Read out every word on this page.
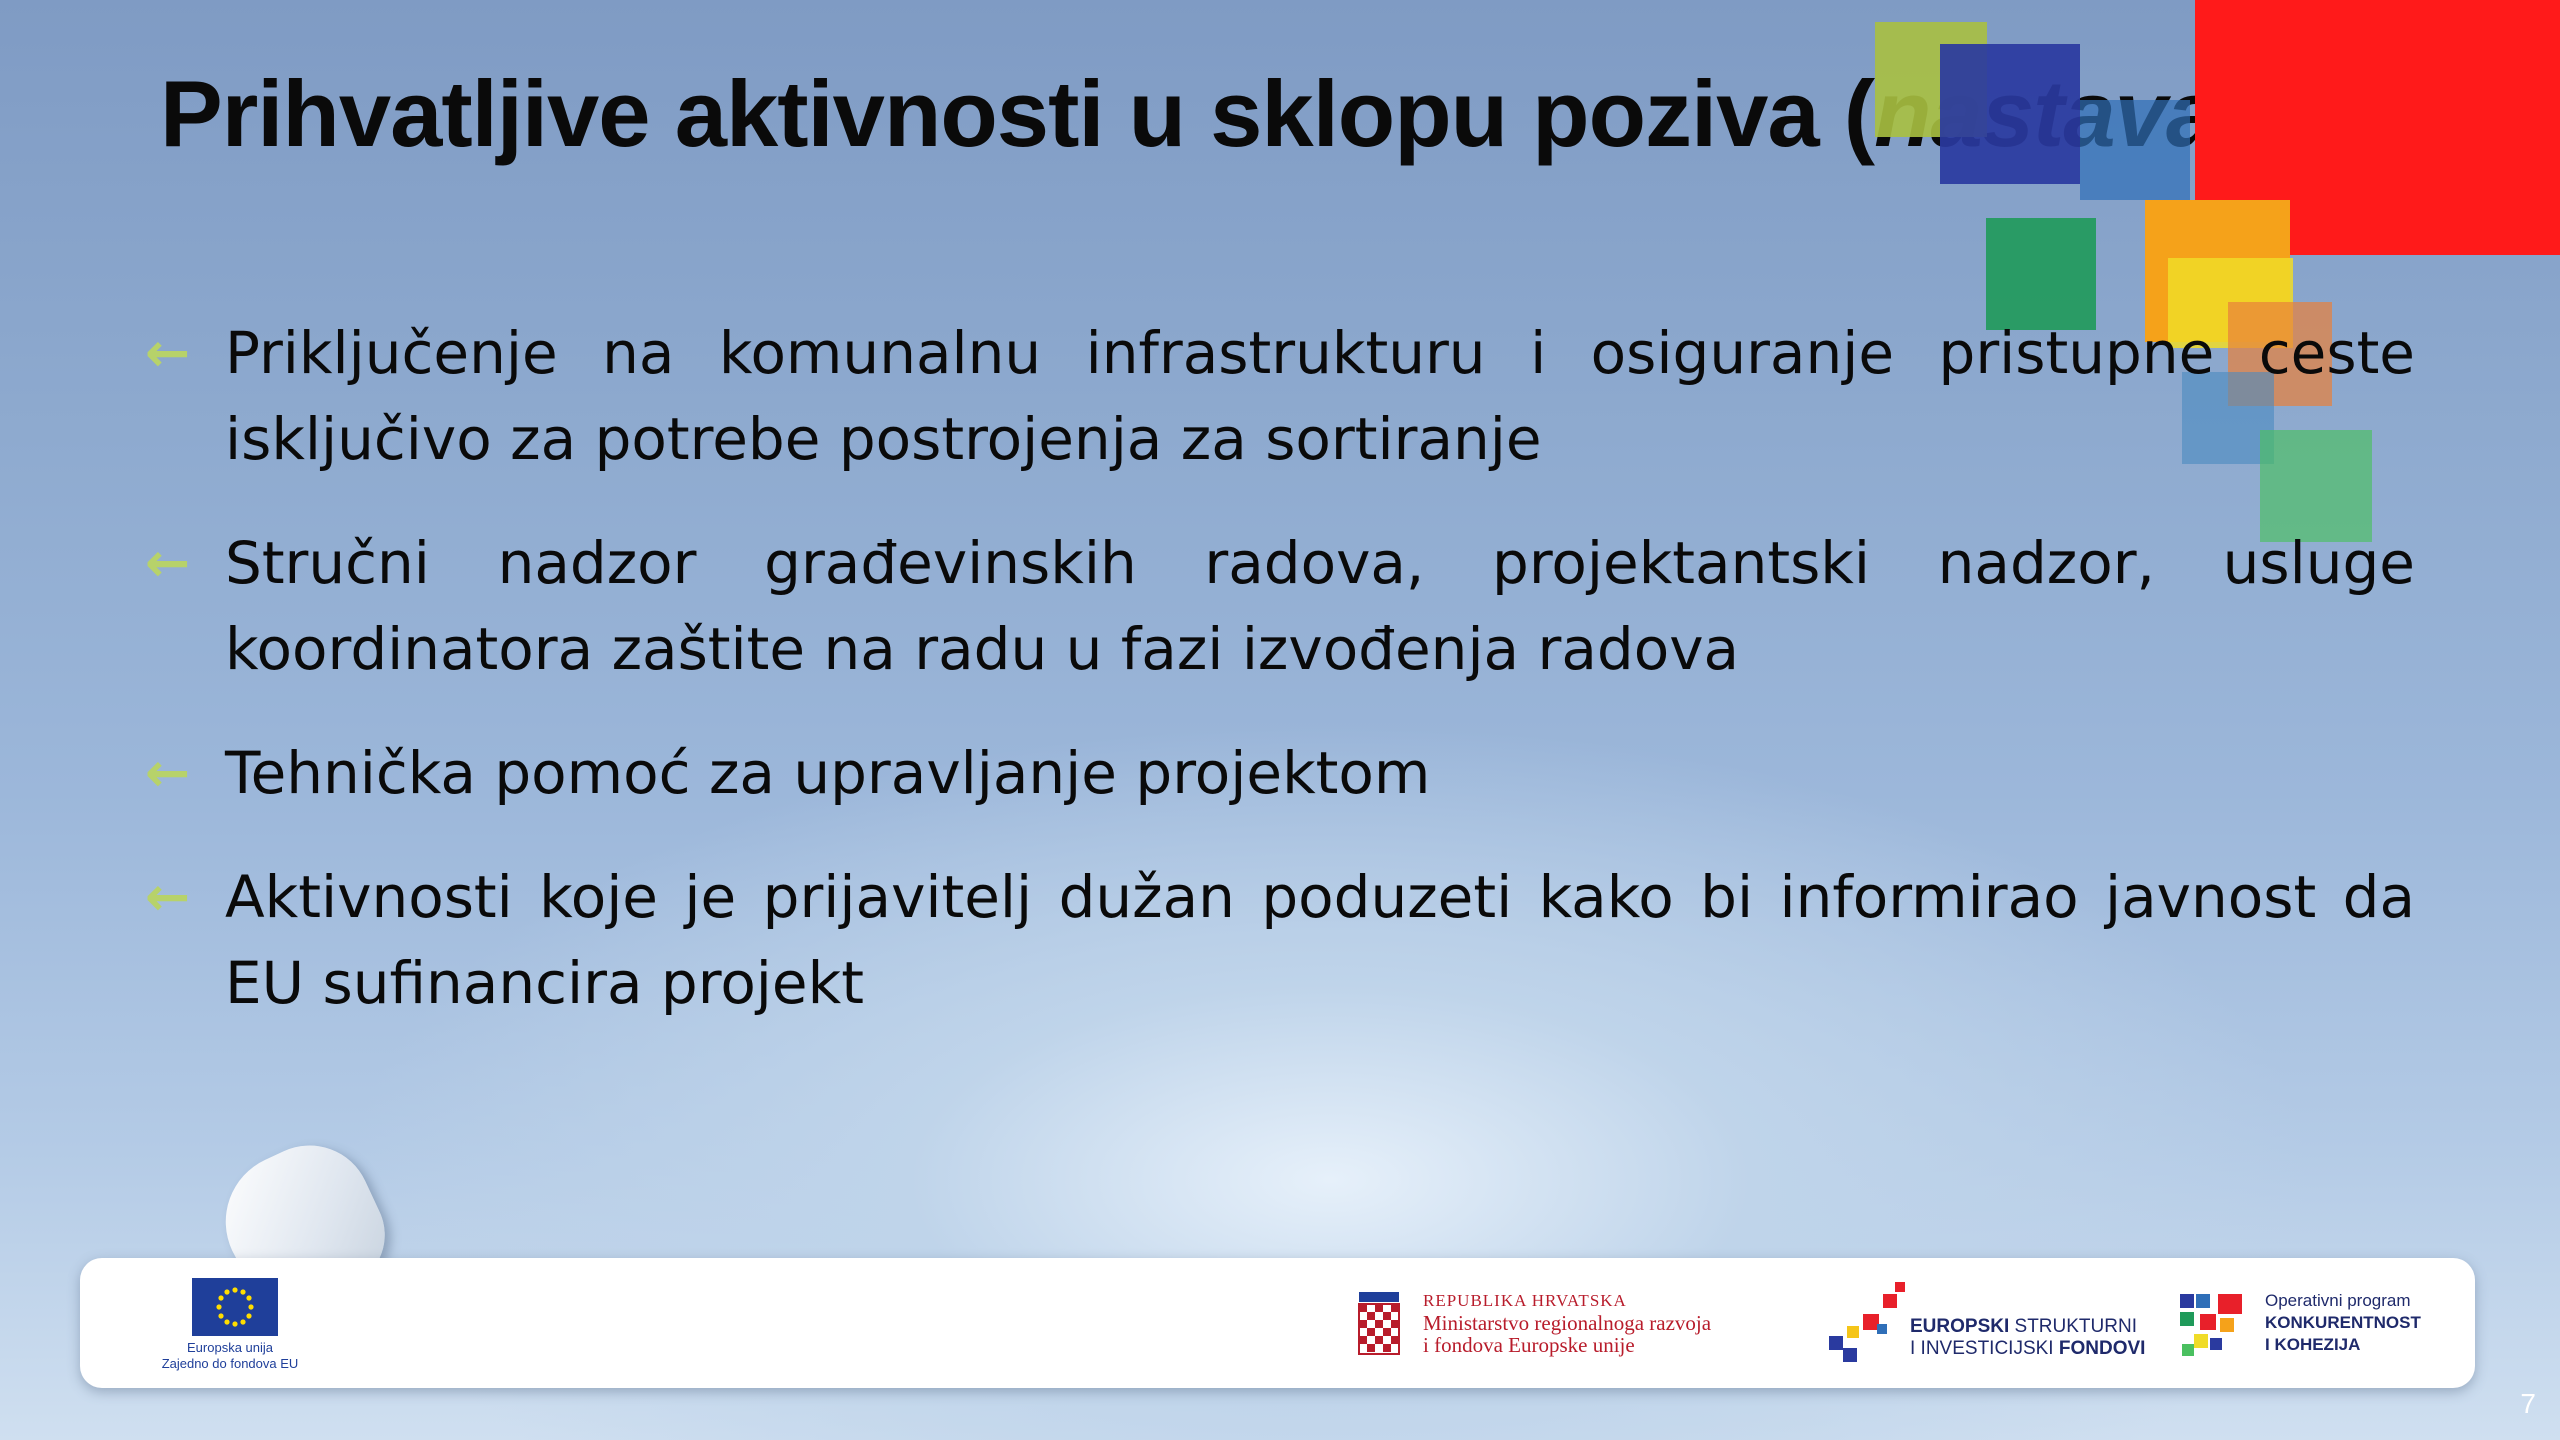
Prihvatljive aktivnosti u sklopu poziva (
← Priključenje na komunalnu infrastrukturu i osiguranje pristupne ceste isključivo za potrebe postrojenja za sortiranje
← Stručni nadzor građevinskih radova, projektantski nadzor, usluge koordinatora zaštite na radu u fazi izvođenja radova
← Tehnička pomoć za upravljanje projektom
← Aktivnosti koje je prijavitelj dužan poduzeti kako bi informirao javnost da EU sufinancira projekt
Europska unija
Zajedno do fondova EU
REPUBLIKA HRVATSKA
Ministarstvo regionalnoga razvoja
i fondova Europske unije
EUROPSKI STRUKTURNI
I INVESTICIJSKI FONDOVI
Operativni program
KONKURENTNOST
I KOHEZIJA
7
